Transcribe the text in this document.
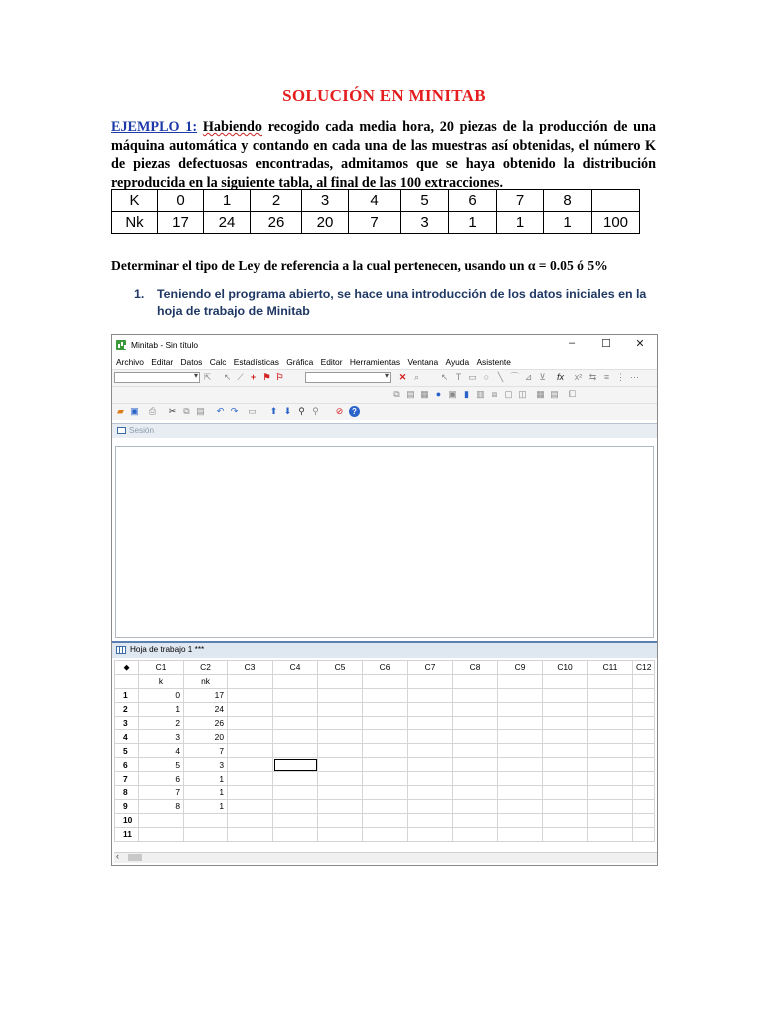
SOLUCIÓN EN MINITAB
EJEMPLO 1: Habiendo recogido cada media hora, 20 piezas de la producción de una máquina automática y contando en cada una de las muestras así obtenidas, el número K de piezas defectuosas encontradas, admitamos que se haya obtenido la distribución reproducida en la siguiente tabla, al final de las 100 extracciones.
K	0	1	2	3	4	5	6	7	8	
Nk	17	24	26	20	7	3	1	1	1	100
Determinar el tipo de Ley de referencia a la cual pertenecen, usando un α = 0.05 ó 5%
1. Teniendo el programa abierto, se hace una introducción de los datos iniciales en la hoja de trabajo de Minitab
Minitab - Sin título	–	☐	✕
Archivo Editar Datos Calc Estadísticas Gráfica Editor Herramientas Ventana Ayuda Asistente
▾
⇱ ↖ ⟋ + ⚑ ⚐ ▾	✕ ⌕	↖ T ▭ ○ ╲ ⌒ ⊿ ⊻ fx x² ⇆ ≡ ⋮ ⋯
⧉ ▤ ▦ ● ▣ ▮ ▥ ⧈ ▢ ◫ ▦ ▤ ⧠
▰ ▣ ⎙ ✂ ⧉ ▤ ↶ ↷ ▭ ⬆ ⬇ ⚲ ⚲ ⊘	?
Sesión
Hoja de trabajo 1 ***
⬥	C1	C2	C3	C4	C5	C6	C7	C8	C9	C10	C11	C12
	k	nk										
1	0	17										
2	1	24										
3	2	26										
4	3	20										
5	4	7										
6	5	3										
7	6	1										
8	7	1										
9	8	1										
10												
11												
‹
